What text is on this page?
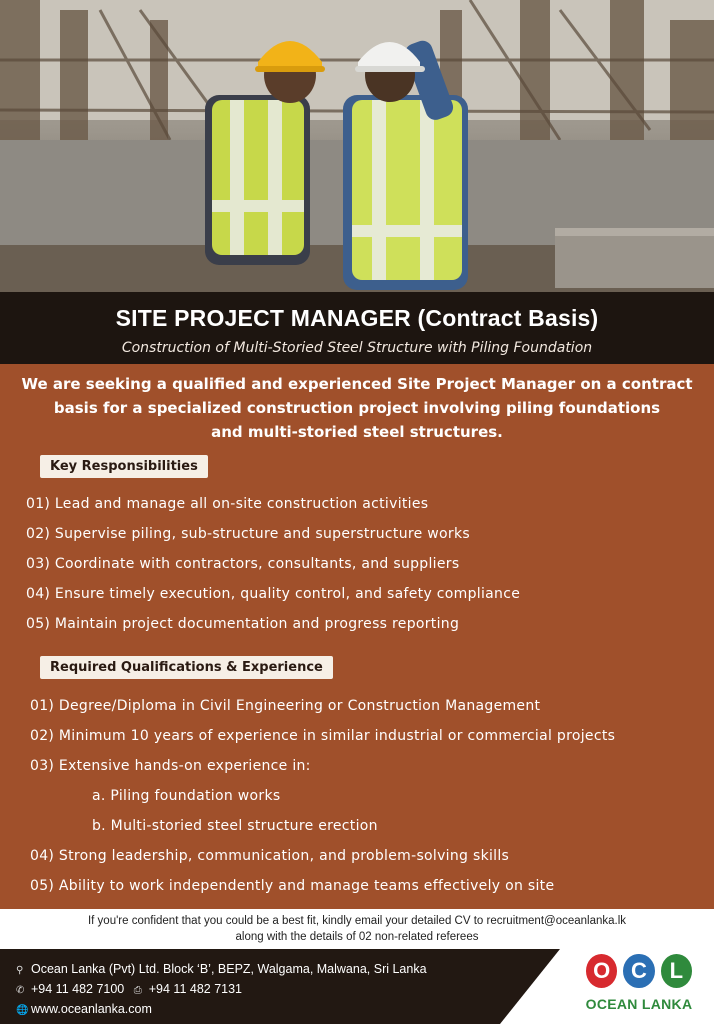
SITE PROJECT MANAGER (Contract Basis)
Construction of Multi-Storied Steel Structure with Piling Foundation
We are seeking a qualified and experienced Site Project Manager on a contract
basis for a specialized construction project involving piling foundations
and multi-storied steel structures.
Key Responsibilities
01) Lead and manage all on-site construction activities
02) Supervise piling, sub-structure and superstructure works
03) Coordinate with contractors, consultants, and suppliers
04) Ensure timely execution, quality control, and safety compliance
05) Maintain project documentation and progress reporting
Required Qualifications & Experience
01) Degree/Diploma in Civil Engineering or Construction Management
02) Minimum 10 years of experience in similar industrial or commercial projects
03) Extensive hands-on experience in:
a. Piling foundation works
b. Multi-storied steel structure erection
04) Strong leadership, communication, and problem-solving skills
05) Ability to work independently and manage teams effectively on site
If you're confident that you could be a best fit, kindly email your detailed CV to recruitment@oceanlanka.lk
along with the details of 02 non-related referees
⚲ Ocean Lanka (Pvt) Ltd. Block ‘B’, BEPZ, Walgama, Malwana, Sri Lanka
✆ +94 11 482 7100 ⎙ +94 11 482 7131
🌐 www.oceanlanka.com
O C	L
OCEAN LANKA
